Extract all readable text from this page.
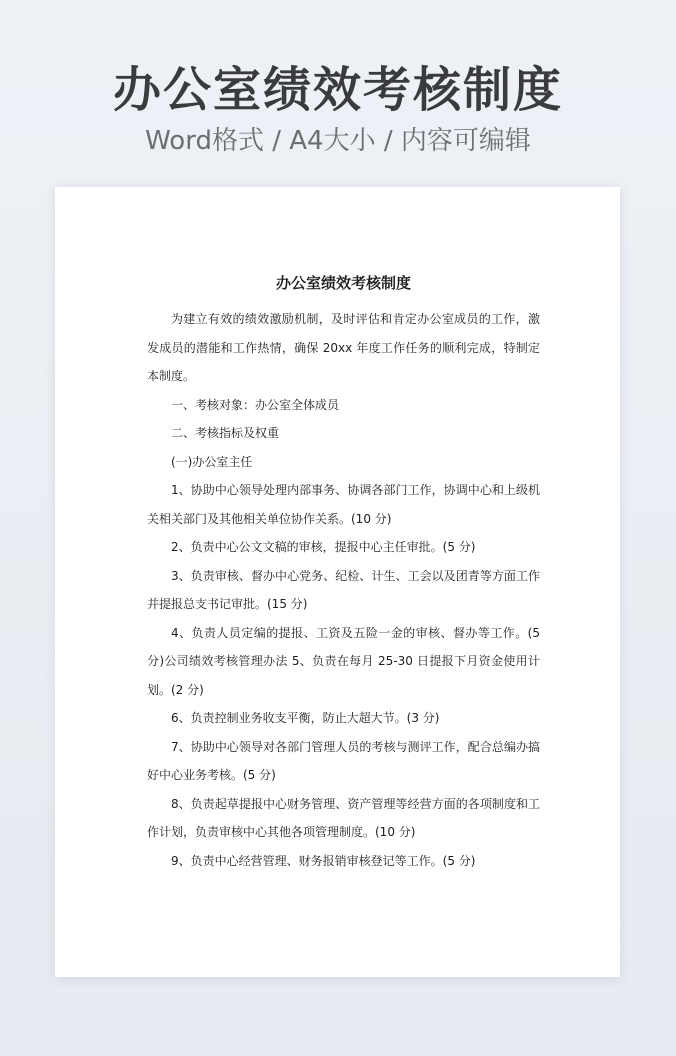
办公室绩效考核制度
Word格式 / A4大小 / 内容可编辑
办公室绩效考核制度

为建立有效的绩效激励机制，及时评估和肯定办公室成员的工作，激发成员的潜能和工作热情，确保 20xx 年度工作任务的顺利完成，特制定本制度。

一、考核对象：办公室全体成员

二、考核指标及权重

(一)办公室主任

1、协助中心领导处理内部事务、协调各部门工作，协调中心和上级机关相关部门及其他相关单位协作关系。(10 分)

2、负责中心公文文稿的审核，提报中心主任审批。(5 分)

3、负责审核、督办中心党务、纪检、计生、工会以及团青等方面工作并提报总支书记审批。(15 分)

4、负责人员定编的提报、工资及五险一金的审核、督办等工作。(5 分)公司绩效考核管理办法 5、负责在每月 25-30 日提报下月资金使用计划。(2 分)

6、负责控制业务收支平衡，防止大超大节。(3 分)

7、协助中心领导对各部门管理人员的考核与测评工作，配合总编办搞好中心业务考核。(5 分)

8、负责起草提报中心财务管理、资产管理等经营方面的各项制度和工作计划，负责审核中心其他各项管理制度。(10 分)

9、负责中心经营管理、财务报销审核登记等工作。(5 分)
